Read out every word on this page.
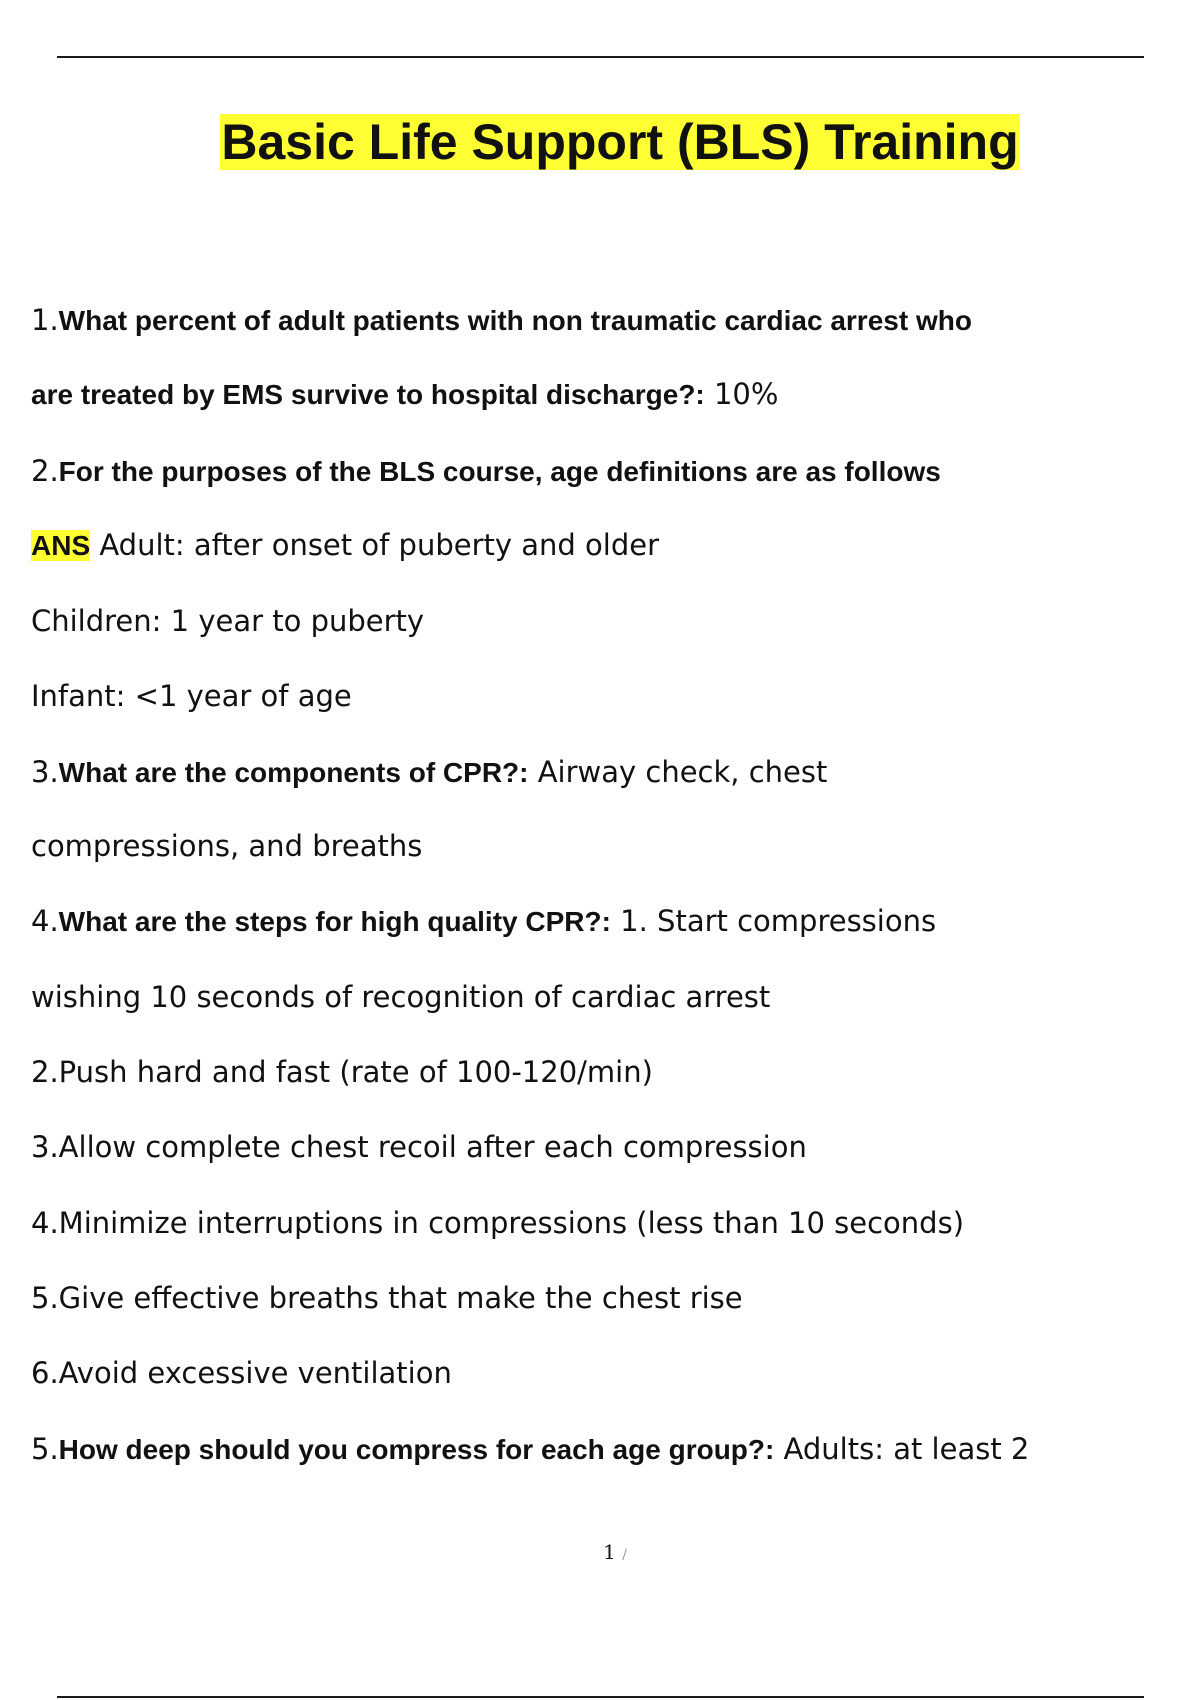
Basic Life Support (BLS) Training
1.What percent of adult patients with non traumatic cardiac arrest who
are treated by EMS survive to hospital discharge?: 10%
2.For the purposes of the BLS course, age definitions are as follows
ANS Adult: after onset of puberty and older
Children: 1 year to puberty
Infant: <1 year of age
3.What are the components of CPR?: Airway check, chest
compressions, and breaths
4.What are the steps for high quality CPR?: 1. Start compressions
wishing 10 seconds of recognition of cardiac arrest
2.Push hard and fast (rate of 100-120/min)
3.Allow complete chest recoil after each compression
4.Minimize interruptions in compressions (less than 10 seconds)
5.Give effective breaths that make the chest rise
6.Avoid excessive ventilation
5.How deep should you compress for each age group?: Adults: at least 2
1 /
